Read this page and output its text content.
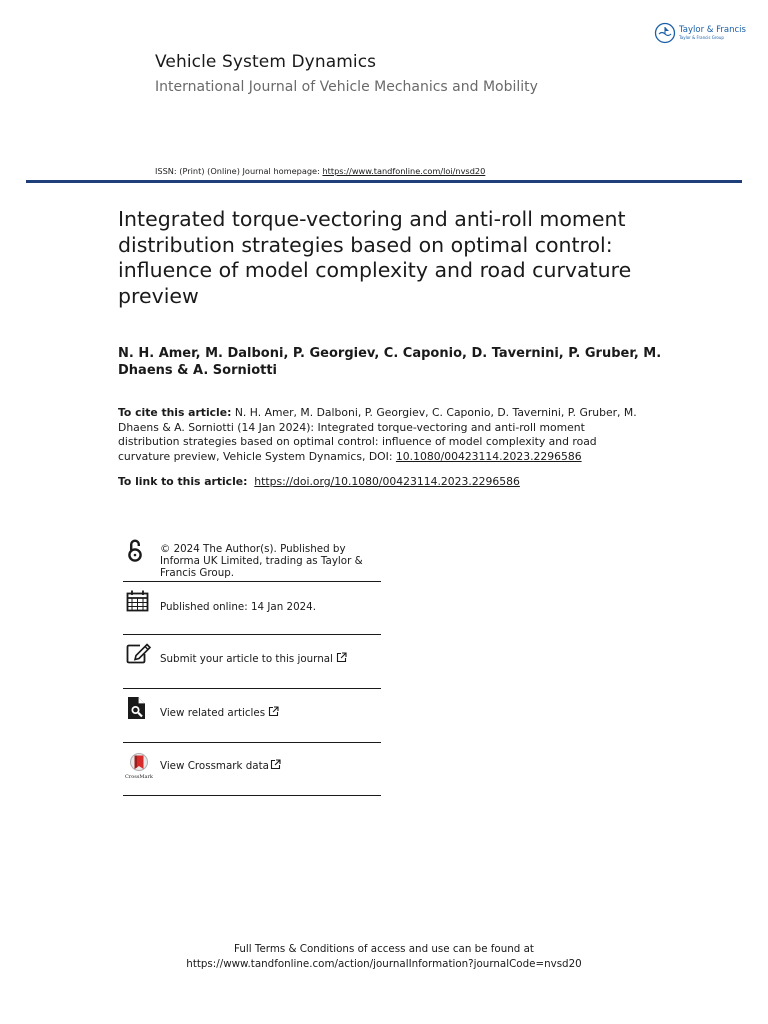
Taylor & Francis
Taylor & Francis Group
Vehicle System Dynamics
International Journal of Vehicle Mechanics and Mobility
ISSN: (Print) (Online) Journal homepage: https://www.tandfonline.com/loi/nvsd20
Integrated torque-vectoring and anti-roll moment distribution strategies based on optimal control: influence of model complexity and road curvature preview
N. H. Amer, M. Dalboni, P. Georgiev, C. Caponio, D. Tavernini, P. Gruber, M. Dhaens & A. Sorniotti
To cite this article: N. H. Amer, M. Dalboni, P. Georgiev, C. Caponio, D. Tavernini, P. Gruber, M. Dhaens & A. Sorniotti (14 Jan 2024): Integrated torque-vectoring and anti-roll moment distribution strategies based on optimal control: influence of model complexity and road curvature preview, Vehicle System Dynamics, DOI: 10.1080/00423114.2023.2296586
To link to this article: https://doi.org/10.1080/00423114.2023.2296586
© 2024 The Author(s). Published by Informa UK Limited, trading as Taylor & Francis Group.
Published online: 14 Jan 2024.
Submit your article to this journal
View related articles
CrossMark
View Crossmark data
Full Terms & Conditions of access and use can be found at
https://www.tandfonline.com/action/journalInformation?journalCode=nvsd20
